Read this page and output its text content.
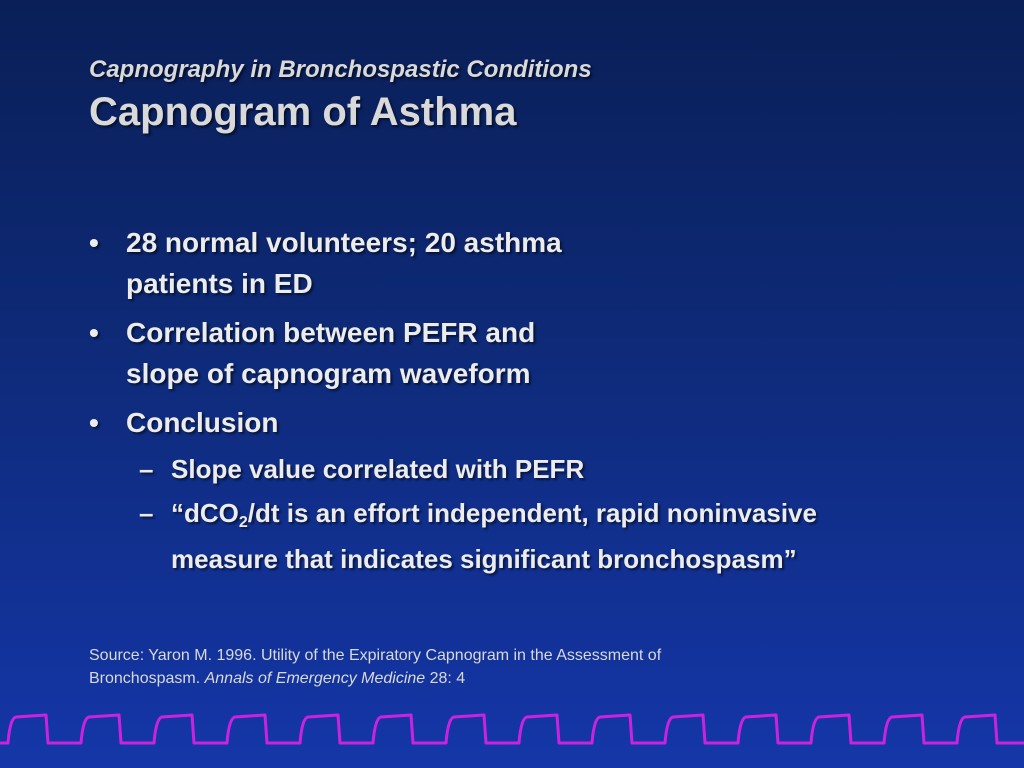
Capnography in Bronchospastic Conditions
Capnogram of Asthma
• 28 normal volunteers; 20 asthma
patients in ED
• Correlation between PEFR and
slope of capnogram waveform
• Conclusion
– Slope value correlated with PEFR
– “dCO2/dt is an effort independent, rapid noninvasive
measure that indicates significant bronchospasm”
Source: Yaron M. 1996. Utility of the Expiratory Capnogram in the Assessment of
Bronchospasm. Annals of Emergency Medicine 28: 4
